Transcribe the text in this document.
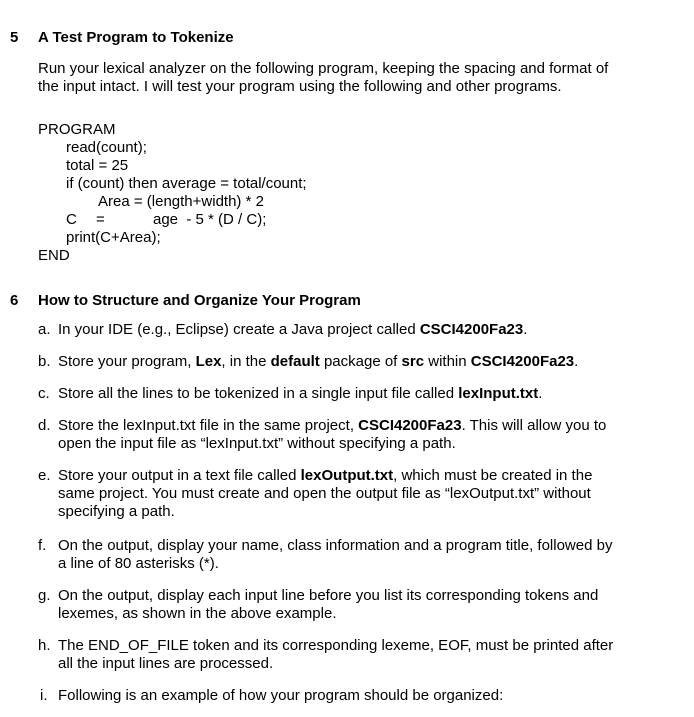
5 A Test Program to Tokenize
Run your lexical analyzer on the following program, keeping the spacing and format of
the input intact. I will test your program using the following and other programs.
PROGRAM
read(count);
total = 25
if (count) then average = total/count;
Area = (length+width) * 2
C =	age  - 5 * (D / C);
print(C+Area);
END
6 How to Structure and Organize Your Program
a. In your IDE (e.g., Eclipse) create a Java project called CSCI4200Fa23.
b. Store your program, Lex, in the default package of src within CSCI4200Fa23.
c. Store all the lines to be tokenized in a single input file called lexInput.txt.
d. Store the lexInput.txt file in the same project, CSCI4200Fa23. This will allow you to
open the input file as “lexInput.txt” without specifying a path.
e. Store your output in a text file called lexOutput.txt, which must be created in the
same project. You must create and open the output file as “lexOutput.txt” without
specifying a path.
f. On the output, display your name, class information and a program title, followed by
a line of 80 asterisks (*).
g. On the output, display each input line before you list its corresponding tokens and
lexemes, as shown in the above example.
h. The END_OF_FILE token and its corresponding lexeme, EOF, must be printed after
all the input lines are processed.
i. Following is an example of how your program should be organized:
